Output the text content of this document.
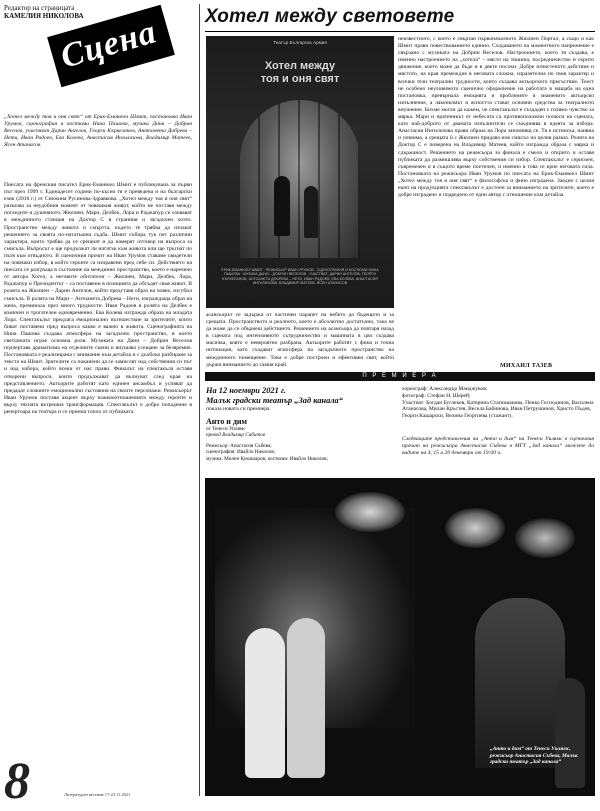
Редактор на страницата
КАМЕЛИЯ НИКОЛОВА
Сцена
„Хотел между тоя и оня свят“ от Ерик-Еманюел Шмит, постановка Иван Урумов, сценография и костюми Нина Пашова, музика Дани – Добрин Веселов, участват Дарин Ангелов, Георги Къркеланов, Антоанета Добрева – Нети, Иван Радоев, Ева Колева, Анастасия Ингилизова, Владимир Матеев, Ясен Атанасов.
Пиесата на френския писател Ерик-Еманюел Шмит е публикувана за първи път през 1999 г. Единадесет години по-късно тя е преведена и на български език (2010 г.) от Снежина Русинова-Здравкова. „Хотел между тоя и оня свят“ разказва за неудобния момент от човешкия живот, който не поставя между погледите и душевното. Жюлиен, Мари, Делбек, Лора и Раджапур се озовават в междинното станция на Доктор С в странния и загадъчен хотел. Пространство между живота и смъртта, където те трябва да изчакат решението за своята по-нататъшна съдба. Шмит събира тук пет различни характера, които трябва да се срещнат и да намерят отговор на въпроса за смисъла. Въпросът е ще продължат ли нататък към живота или ще тръгнат по пътя към отвъдното. В сценичния прочит на Иван Урумов ставаме свидетели на човешки избор, в който героите са изправени пред себе си. Действието на пиесата се разгръща в състояние на междинно пространство, което е наречено от автора Хотел, а неговите обитатели – Жюлиен, Мари, Делбек, Лора, Раджапур и Президентът – са поставени в позицията да обсъдят своя живот. В ролята на Жюлиен – Дарин Ангелов, който представя образ на човек, изгубил смисъла. В ролята на Мари – Антоанета Добрева – Нети, изграждаща образ на жена, преминала през много трудности. Иван Радоев в ролята на Делбек е комичен и трогателен едновременно. Ева Колева изгражда образа на младата Лора. Спектакълът предлага емоционално пътешествие за зрителите, които биват поставени пред въпроса какво е важно в живота. Сценографията на Нина Пашова създава атмосфера на загадъчно пространство, в което светлината играе основна роля. Музиката на Дани – Добрин Веселов подчертава драматизма на отделните сцени и внушава усещане за безвремие. Постановката е реализирана с внимание към детайла и с дълбоко разбиране за текста на Шмит. Зрителите са поканени да се замислят над собствения си път и над избора, който всеки от нас прави. Финалът на спектакъла оставя отворени въпроси, които продължават да вълнуват след края на представлението. Актьорите работят като единен ансамбъл и успяват да предадат сложните емоционални състояния на своите персонажи. Режисьорът Иван Урумов поставя акцент върху взаимоотношенията между героите и върху тяхната вътрешна трансформация. Спектакълът е добро попадение в репертоара на театъра и се приема топло от публиката.
8	Литературен вестник 17-23.11.2021
Хотел между световете
Театър Българска Армия
Хотел между
тоя и оня свят
ЕРИК-ЕМАНЮЕЛ ШМИТ · РЕЖИСЬОР ИВАН УРУМОВ · СЦЕНОГРАФИЯ И КОСТЮМИ НИНА ПАШОВА · МУЗИКА ДАНИ – ДОБРИН ВЕСЕЛОВ · УЧАСТВАТ: ДАРИН АНГЕЛОВ, ГЕОРГИ КЪРКЕЛАНОВ, АНТОАНЕТА ДОБРЕВА – НЕТИ, ИВАН РАДОЕВ, ЕВА КОЛЕВА, АНАСТАСИЯ ИНГИЛИЗОВА, ВЛАДИМИР МАТЕЕВ, ЯСЕН АТАНАСОВ
неизвестното, с което е свързан първоначалното Жюлиен Портал, а също и как Шмит прави повествованието единно. Създаването на моментното напрежение е свързано с музиката на Добрин Веселов. Настроението, което тя създава, е именно настроението на „хотела“ – място на тишина, посредничество и скрито движение, което може да бъде и в двете посоки. Добре изчистеното действие и мястото, на края премеждие в неговата сложна, изразителна по своя характер и всички тези театрални трудности, които създава актьорското присъствие. Тоест не особено неуловимото сценично оформление на работата в мащаба на една постановка, превърнала емоцията и проблемите в знаменито актьорско изпълнение, а лаконизмът и ясността стават основни средства за театралното внушение. Бихме могли да кажем, че спектакълът е създаден с голямо чувство за мярка. Мари и пратеникът от небесата са противоположни полюси на сцената, като най-доброто от двамата изпълнители се съединява в идеята за избора. Анастасия Ингилизова прави образа на Лора запомнящ се. Тя е истинска, наивна и уязвима, а срещата ѝ с Жюлиен придава нов смисъл на целия разказ. Ролята на Доктор С е поверена на Владимир Матеев, който изгражда образа с мярка и сдържаност. Решението на режисьора за финала е смело и открито и оставя публиката да размишлява върху собствения си избор. Спектакълът е сериозен, съвременен и в същото време поетичен, и именно в това се крие неговата сила. Постановката на режисьора Иван Урумов по пиесата на Ерик-Еманюел Шмит „Хотел между тоя и оня свят“ е философска и фино изградена. Заедно с целия екип на продукцията спектакълът е достоен за вниманието на зрителите, което е добре изградено и подредено от един автор с отношение към детайла.
асансьорът се задържа от частичен парапет на небето до бъдещето и за срещата. Пространството и реалното, което е абсолютно достатъчно, така че да може да се обърнеш действието. Решението на асансьора да повтаря назад в сцената под интензивното сътрудничество и машината в цял създава масичка, която е невероятно разбрана. Актьорите работят с фина и точна интонация, като създават атмосфера на загадъчното пространство на междинното помещение. Това е добре построен и ефективен свят, който държи вниманието до самия край.	МИХАИЛ ТАЗЕВ
П Р Е М И Е Р А
На 12 ноември 2021 г.
Малък градски театър „Зад канала“
показа новата си премиера
Анто и дим
от Тенеси Уилямс
превод Владимир Сабитов
Режисьор: Анастасия Събева;
сценография: Ивайло Николов;
музика: Милен Кукошаров; костюми: Ивайло Николов;
хореограф: Александър Манджуков;
фотограф: Стефан Н. Шерей;
Участват: Богдан Буглеков, Катерина Стагюшанова, Пенко Госпoдинов, Василена Атанасова, Милан Кръстев, Веселa Бабинова, Иван Петрушинов, Христo Пъдев, Георги Кашарски, Велина Георгиева (стажант).
Следващите представления на „Анто и дим“ на Тенеси Уилямс в сценичния прочит на режисьора Анастасия Събева в МГТ „Зад канала“ можете да видите на 4, 15 и 20 декември от 19:00 ч.
„Анто и дим“ от Тенеси Уилямс, режисьор Анастасия Събева, Малък градски театър „Зад канала“
